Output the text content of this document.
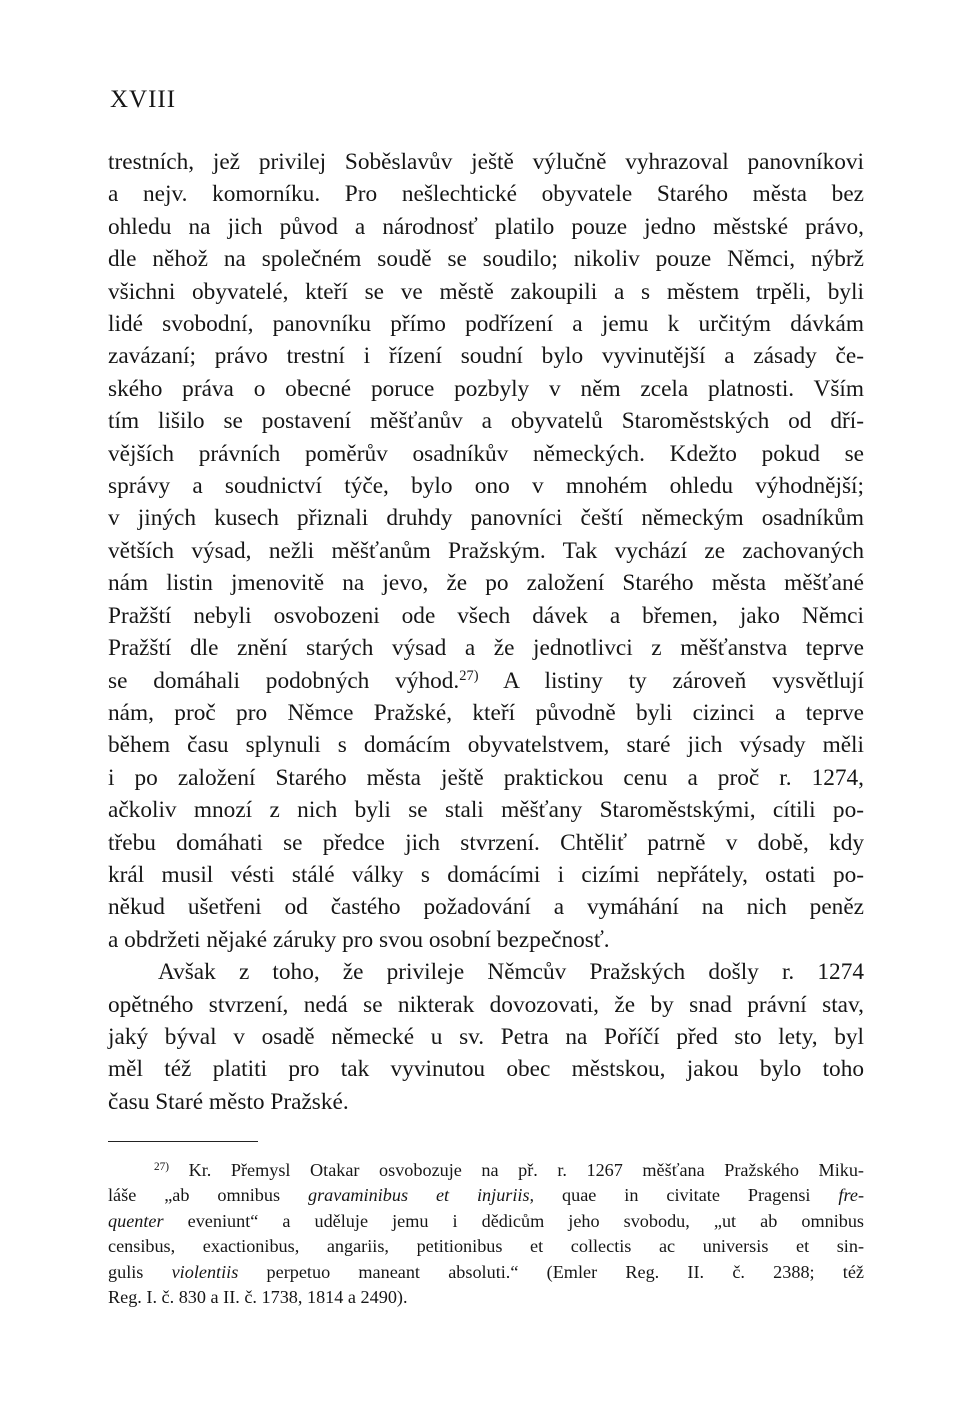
XVIII
trestních, jež privilej Soběslavův ještě výlučně vyhrazoval panovníkovi
a nejv. komorníku. Pro nešlechtické obyvatele Starého města bez
ohledu na jich původ a národnosť platilo pouze jedno městské právo,
dle něhož na společném soudě se soudilo; nikoliv pouze Němci, nýbrž
všichni obyvatelé, kteří se ve městě zakoupili a s městem trpěli, byli
lidé svobodní, panovníku přímo podřízení a jemu k určitým dávkám
zavázaní; právo trestní i řízení soudní bylo vyvinutější a zásady če-
ského práva o obecné poruce pozbyly v něm zcela platnosti. Vším
tím lišilo se postavení měšťanův a obyvatelů Staroměstských od dří-
vějších právních poměrův osadníkův německých. Kdežto pokud se
správy a soudnictví týče, bylo ono v mnohém ohledu výhodnější;
v jiných kusech přiznali druhdy panovníci čeští německým osadníkům
větších výsad, nežli měšťanům Pražským. Tak vychází ze zachovaných
nám listin jmenovitě na jevo, že po založení Starého města měšťané
Pražští nebyli osvobozeni ode všech dávek a břemen, jako Němci
Pražští dle znění starých výsad a že jednotlivci z měšťanstva teprve
se domáhali podobných výhod.$^{27)}$ A listiny ty zároveň vysvětlují
nám, proč pro Němce Pražské, kteří původně byli cizinci a teprve
během času splynuli s domácím obyvatelstvem, staré jich výsady měli
i po založení Starého města ještě praktickou cenu a proč r. 1274,
ačkoliv mnozí z nich byli se stali měšťany Staroměstskými, cítili po-
třebu domáhati se předce jich stvrzení. Chtěliť patrně v době, kdy
král musil vésti stálé války s domácími i cizími nepřátely, ostati po-
někud ušetřeni od častého požadování a vymáhání na nich peněz
a obdržeti nějaké záruky pro svou osobní bezpečnosť.
Avšak z toho, že privileje Němcův Pražských došly r. 1274
opětného stvrzení, nedá se nikterak dovozovati, že by snad právní stav,
jaký býval v osadě německé u sv. Petra na Poříčí před sto lety, byl
měl též platiti pro tak vyvinutou obec městskou, jakou bylo toho
času Staré město Pražské.
$^{27)}$ Kr. Přemysl Otakar osvobozuje na př. r. 1267 měšťana Pražského Miku-
láše „ab omnibus gravaminibus et injuriis, quae in civitate Pragensi fre-
quenter eveniunt“ a uděluje jemu i dědicům jeho svobodu, „ut ab omnibus
censibus, exactionibus, angariis, petitionibus et collectis ac universis et sin-
gulis violentiis perpetuo maneant absoluti.“ (Emler Reg. II. č. 2388; též
Reg. I. č. 830 a II. č. 1738, 1814 a 2490).
